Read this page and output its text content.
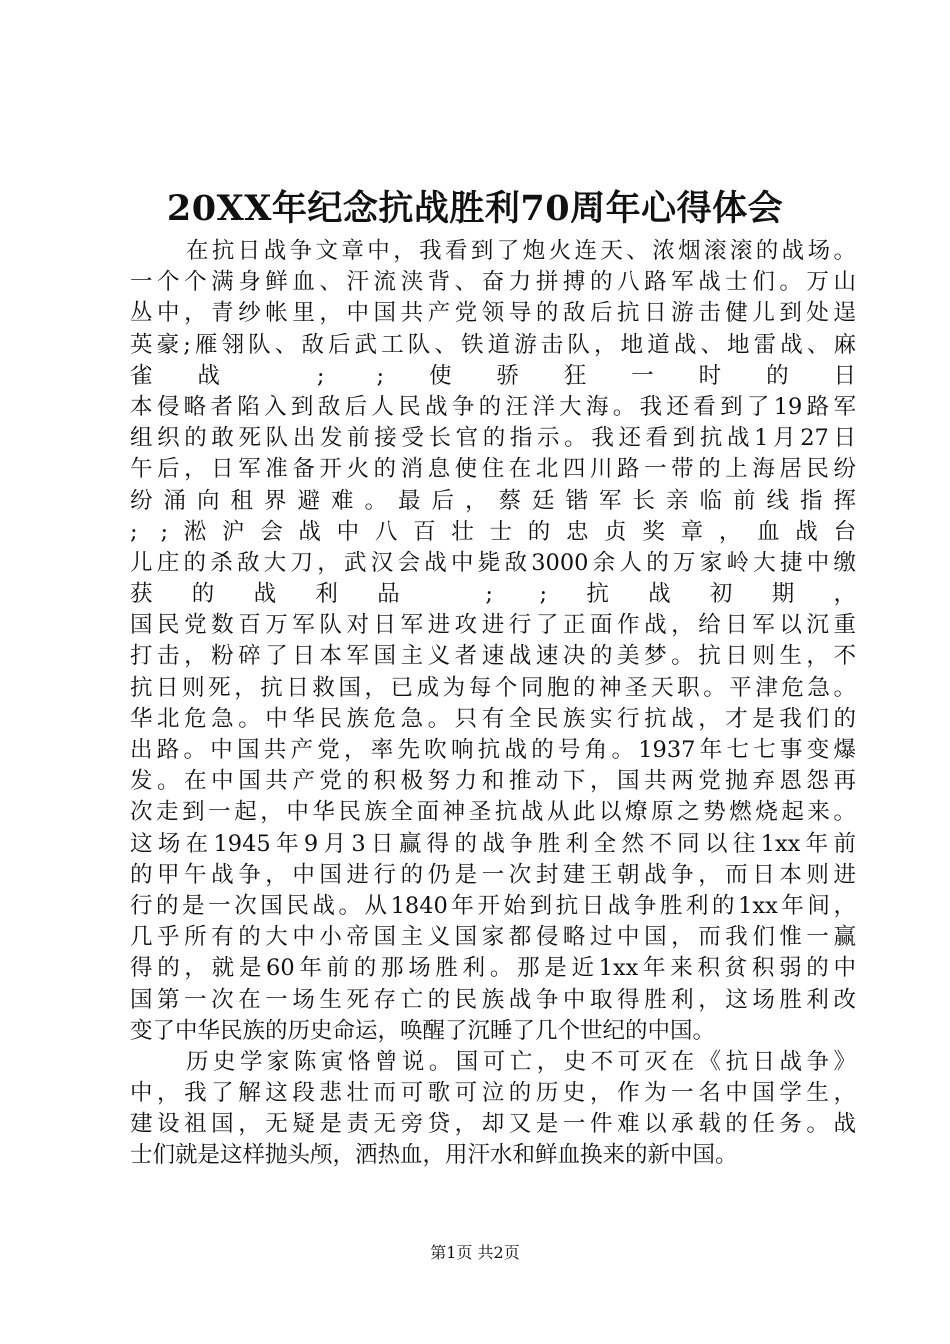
20XX年纪念抗战胜利70周年心得体会
在抗日战争文章中，我看到了炮火连天、浓烟滚滚的战场。
一个个满身鲜血、汗流浃背、奋力拼搏的八路军战士们。万山
丛中，青纱帐里，中国共产党领导的敌后抗日游击健儿到处逞
英豪;雁翎队、敌后武工队、铁道游击队，地道战、地雷战、麻
雀战 ; ;使骄狂一时的日
本侵略者陷入到敌后人民战争的汪洋大海。我还看到了19路军
组织的敢死队出发前接受长官的指示。我还看到抗战1月27日
午后，日军准备开火的消息使住在北四川路一带的上海居民纷
纷涌向租界避难。最后，蔡廷锴军长亲临前线指挥
; ;淞沪会战中八百壮士的忠贞奖章，血战台
儿庄的杀敌大刀，武汉会战中毙敌3000余人的万家岭大捷中缴
获的战利品 ; ;抗战初期，
国民党数百万军队对日军进攻进行了正面作战，给日军以沉重
打击，粉碎了日本军国主义者速战速决的美梦。抗日则生，不
抗日则死，抗日救国，已成为每个同胞的神圣天职。平津危急。
华北危急。中华民族危急。只有全民族实行抗战，才是我们的
出路。中国共产党，率先吹响抗战的号角。1937年七七事变爆
发。在中国共产党的积极努力和推动下，国共两党抛弃恩怨再
次走到一起，中华民族全面神圣抗战从此以燎原之势燃烧起来。
这场在1945年9月3日赢得的战争胜利全然不同以往1xx年前
的甲午战争，中国进行的仍是一次封建王朝战争，而日本则进
行的是一次国民战。从1840年开始到抗日战争胜利的1xx年间，
几乎所有的大中小帝国主义国家都侵略过中国，而我们惟一赢
得的，就是60年前的那场胜利。那是近1xx年来积贫积弱的中
国第一次在一场生死存亡的民族战争中取得胜利，这场胜利改
变了中华民族的历史命运，唤醒了沉睡了几个世纪的中国。
历史学家陈寅恪曾说。国可亡，史不可灭在《抗日战争》
中，我了解这段悲壮而可歌可泣的历史，作为一名中国学生，
建设祖国，无疑是责无旁贷，却又是一件难以承载的任务。战
士们就是这样抛头颅，洒热血，用汗水和鲜血换来的新中国。
第1页 共2页
